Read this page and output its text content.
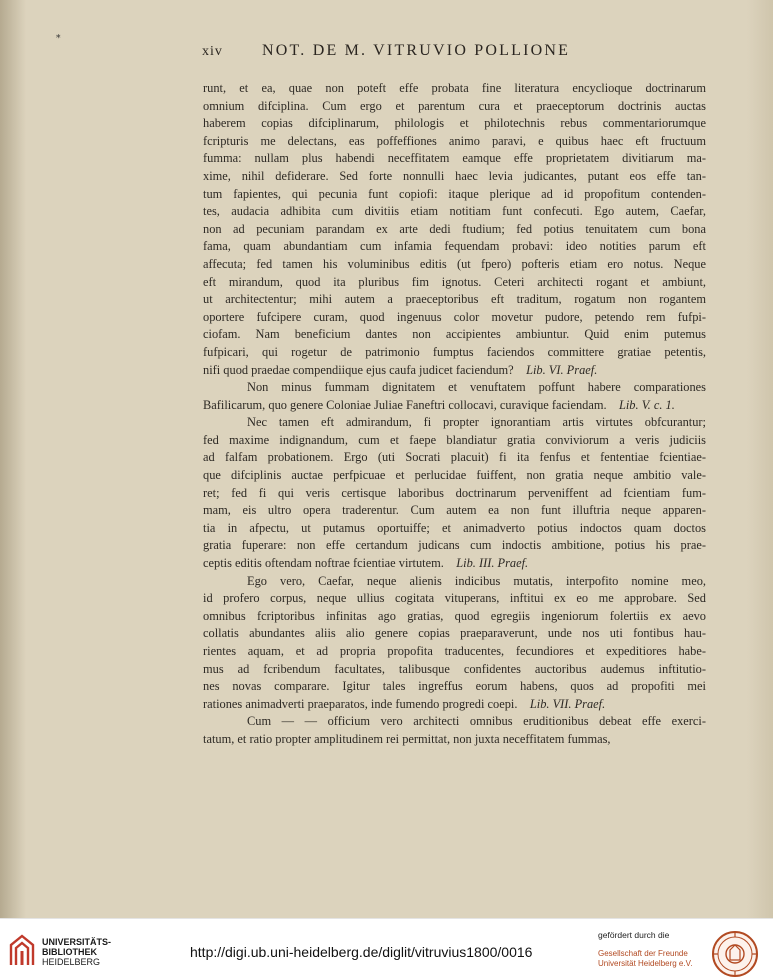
*
xiv NOT. DE M. VITRUVIO POLLIONE
runt, et ea, quae non poteft effe probata fine literatura encyclioque doctrinarum
omnium difciplina. Cum ergo et parentum cura et praeceptorum doctrinis auctas
haberem copias difciplinarum, philologis et philotechnis rebus commentariorumque
fcripturis me delectans, eas poffeffiones animo paravi, e quibus haec eft fructuum
fumma: nullam plus habendi neceffitatem eamque effe proprietatem divitiarum ma-
xime, nihil defiderare. Sed forte nonnulli haec levia judicantes, putant eos effe tan-
tum fapientes, qui pecunia funt copiofi: itaque plerique ad id propofitum contenden-
tes, audacia adhibita cum divitiis etiam notitiam funt confecuti. Ego autem, Caefar,
non ad pecuniam parandam ex arte dedi ftudium; fed potius tenuitatem cum bona
fama, quam abundantiam cum infamia fequendam probavi: ideo notities parum eft
affecuta; fed tamen his voluminibus editis (ut fpero) pofteris etiam ero notus. Neque
eft mirandum, quod ita pluribus fim ignotus. Ceteri architecti rogant et ambiunt,
ut architectentur; mihi autem a praeceptoribus eft traditum, rogatum non rogantem
oportere fufcipere curam, quod ingenuus color movetur pudore, petendo rem fufpi-
ciofam. Nam beneficium dantes non accipientes ambiuntur. Quid enim putemus
fufpicari, qui rogetur de patrimonio fumptus faciendos committere gratiae petentis,
nifi quod praedae compendiique ejus caufa judicet faciendum?  Lib. VI. Praef.
Non minus fummam dignitatem et venuftatem poffunt habere comparationes
Bafilicarum, quo genere Coloniae Juliae Faneftri collocavi, curavique faciendam.  Lib. V. c. 1.
Nec tamen eft admirandum, fi propter ignorantiam artis virtutes obfcurantur;
fed maxime indignandum, cum et faepe blandiatur gratia conviviorum a veris judiciis
ad falfam probationem. Ergo (uti Socrati placuit) fi ita fenfus et fententiae fcientiae-
que difciplinis auctae perfpicuae et perlucidae fuiffent, non gratia neque ambitio vale-
ret; fed fi qui veris certisque laboribus doctrinarum perveniffent ad fcientiam fum-
mam, eis ultro opera traderentur. Cum autem ea non funt illuftria neque apparen-
tia in afpectu, ut putamus oportuiffe; et animadverto potius indoctos quam doctos
gratia fuperare: non effe certandum judicans cum indoctis ambitione, potius his prae-
ceptis editis oftendam noftrae fcientiae virtutem.  Lib. III. Praef.
Ego vero, Caefar, neque alienis indicibus mutatis, interpofito nomine meo,
id profero corpus, neque ullius cogitata vituperans, inftitui ex eo me approbare. Sed
omnibus fcriptoribus infinitas ago gratias, quod egregiis ingeniorum folertiis ex aevo
collatis abundantes aliis alio genere copias praeparaverunt, unde nos uti fontibus hau-
rientes aquam, et ad propria propofita traducentes, fecundiores et expeditiores habe-
mus ad fcribendum facultates, talibusque confidentes auctoribus audemus inftitutio-
nes novas comparare. Igitur tales ingreffus eorum habens, quos ad propofiti mei
rationes animadverti praeparatos, inde fumendo progredi coepi.  Lib. VII. Praef.
Cum — — officium vero architecti omnibus eruditionibus debeat effe exerci-
tatum, et ratio propter amplitudinem rei permittat, non juxta neceffitatem fummas,
UNIVERSITÄTS-
BIBLIOTHEK
HEIDELBERG
http://digi.ub.uni-heidelberg.de/diglit/vitruvius1800/0016
gefördert durch die
Gesellschaft der Freunde
Universität Heidelberg e.V.
